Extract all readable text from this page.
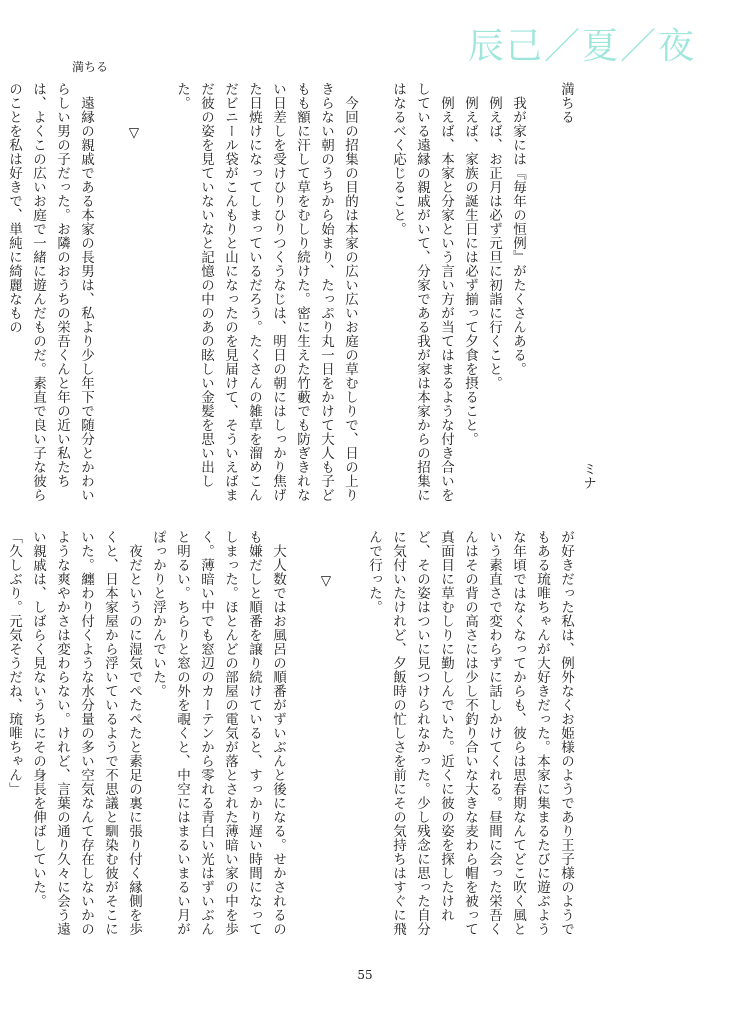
辰己／夏／夜
満ちる

満ちる

我が家には『毎年の恒例』がたくさんある。

例えば、お正月は必ず元旦に初詣に行くこと。

例えば、家族の誕生日には必ず揃って夕食を摂ること。

例えば、本家と分家という言い方が当てはまるような付き合いをしている遠縁の親戚がいて、分家である我が家は本家からの招集にはなるべく応じること。

今回の招集の目的は本家の広い広いお庭の草むしりで、日の上りきらない朝のうちから始まり、たっぷり丸一日をかけて大人も子どもも額に汗して草をむしり続けた。密に生えた竹藪でも防ぎきれない日差しを受けひりひりつくうなじは、明日の朝にはしっかり焦げた日焼けになってしまっているだろう。たくさんの雑草を溜めこんだビニール袋がこんもりと山になったのを見届けて、そういえばまだ彼の姿を見ていないなと記憶の中のあの眩しい金髪を思い出した。

▽

遠縁の親戚である本家の長男は、私より少し年下で随分とかわいらしい男の子だった。お隣のおうちの栄吾くんと年の近い私たちは、よくこの広いお庭で一緒に遊んだものだ。素直で良い子な彼らのことを私は好きで、単純に綺麗なもの

ミナ

が好きだった私は、例外なくお姫様のようであり王子様のようでもある琉唯ちゃんが大好きだった。本家に集まるたびに遊ぶような年頃ではなくなってからも、彼らは思春期なんてどこ吹く風という素直さで変わらずに話しかけてくれる。昼間に会った栄吾くんはその背の高さには少し不釣り合いな大きな麦わら帽を被って真面目に草むしりに勤しんでいた。近くに彼の姿を探したけれど、その姿はついに見つけられなかった。少し残念に思った自分に気付いたけれど、夕飯時の忙しさを前にその気持ちはすぐに飛んで行った。

▽

大人数ではお風呂の順番がずいぶんと後になる。せかされるのも嫌だしと順番を譲り続けていると、すっかり遅い時間になってしまった。ほとんどの部屋の電気が落とされた薄暗い家の中を歩く。薄暗い中でも窓辺のカーテンから零れる青白い光はずいぶんと明るい。ちらりと窓の外を覗くと、中空にはまるいまるい月がぽっかりと浮かんでいた。

夜だというのに湿気でぺたぺたと素足の裏に張り付く縁側を歩くと、日本家屋から浮いているようで不思議と馴染む彼がそこにいた。纏わり付くような水分量の多い空気なんて存在しないかのような爽やかさは変わらない。けれど、言葉の通り久々に会う遠い親戚は、しばらく見ないうちにその身長を伸ばしていた。

「久しぶり。元気そうだね、琉唯ちゃん」

55
